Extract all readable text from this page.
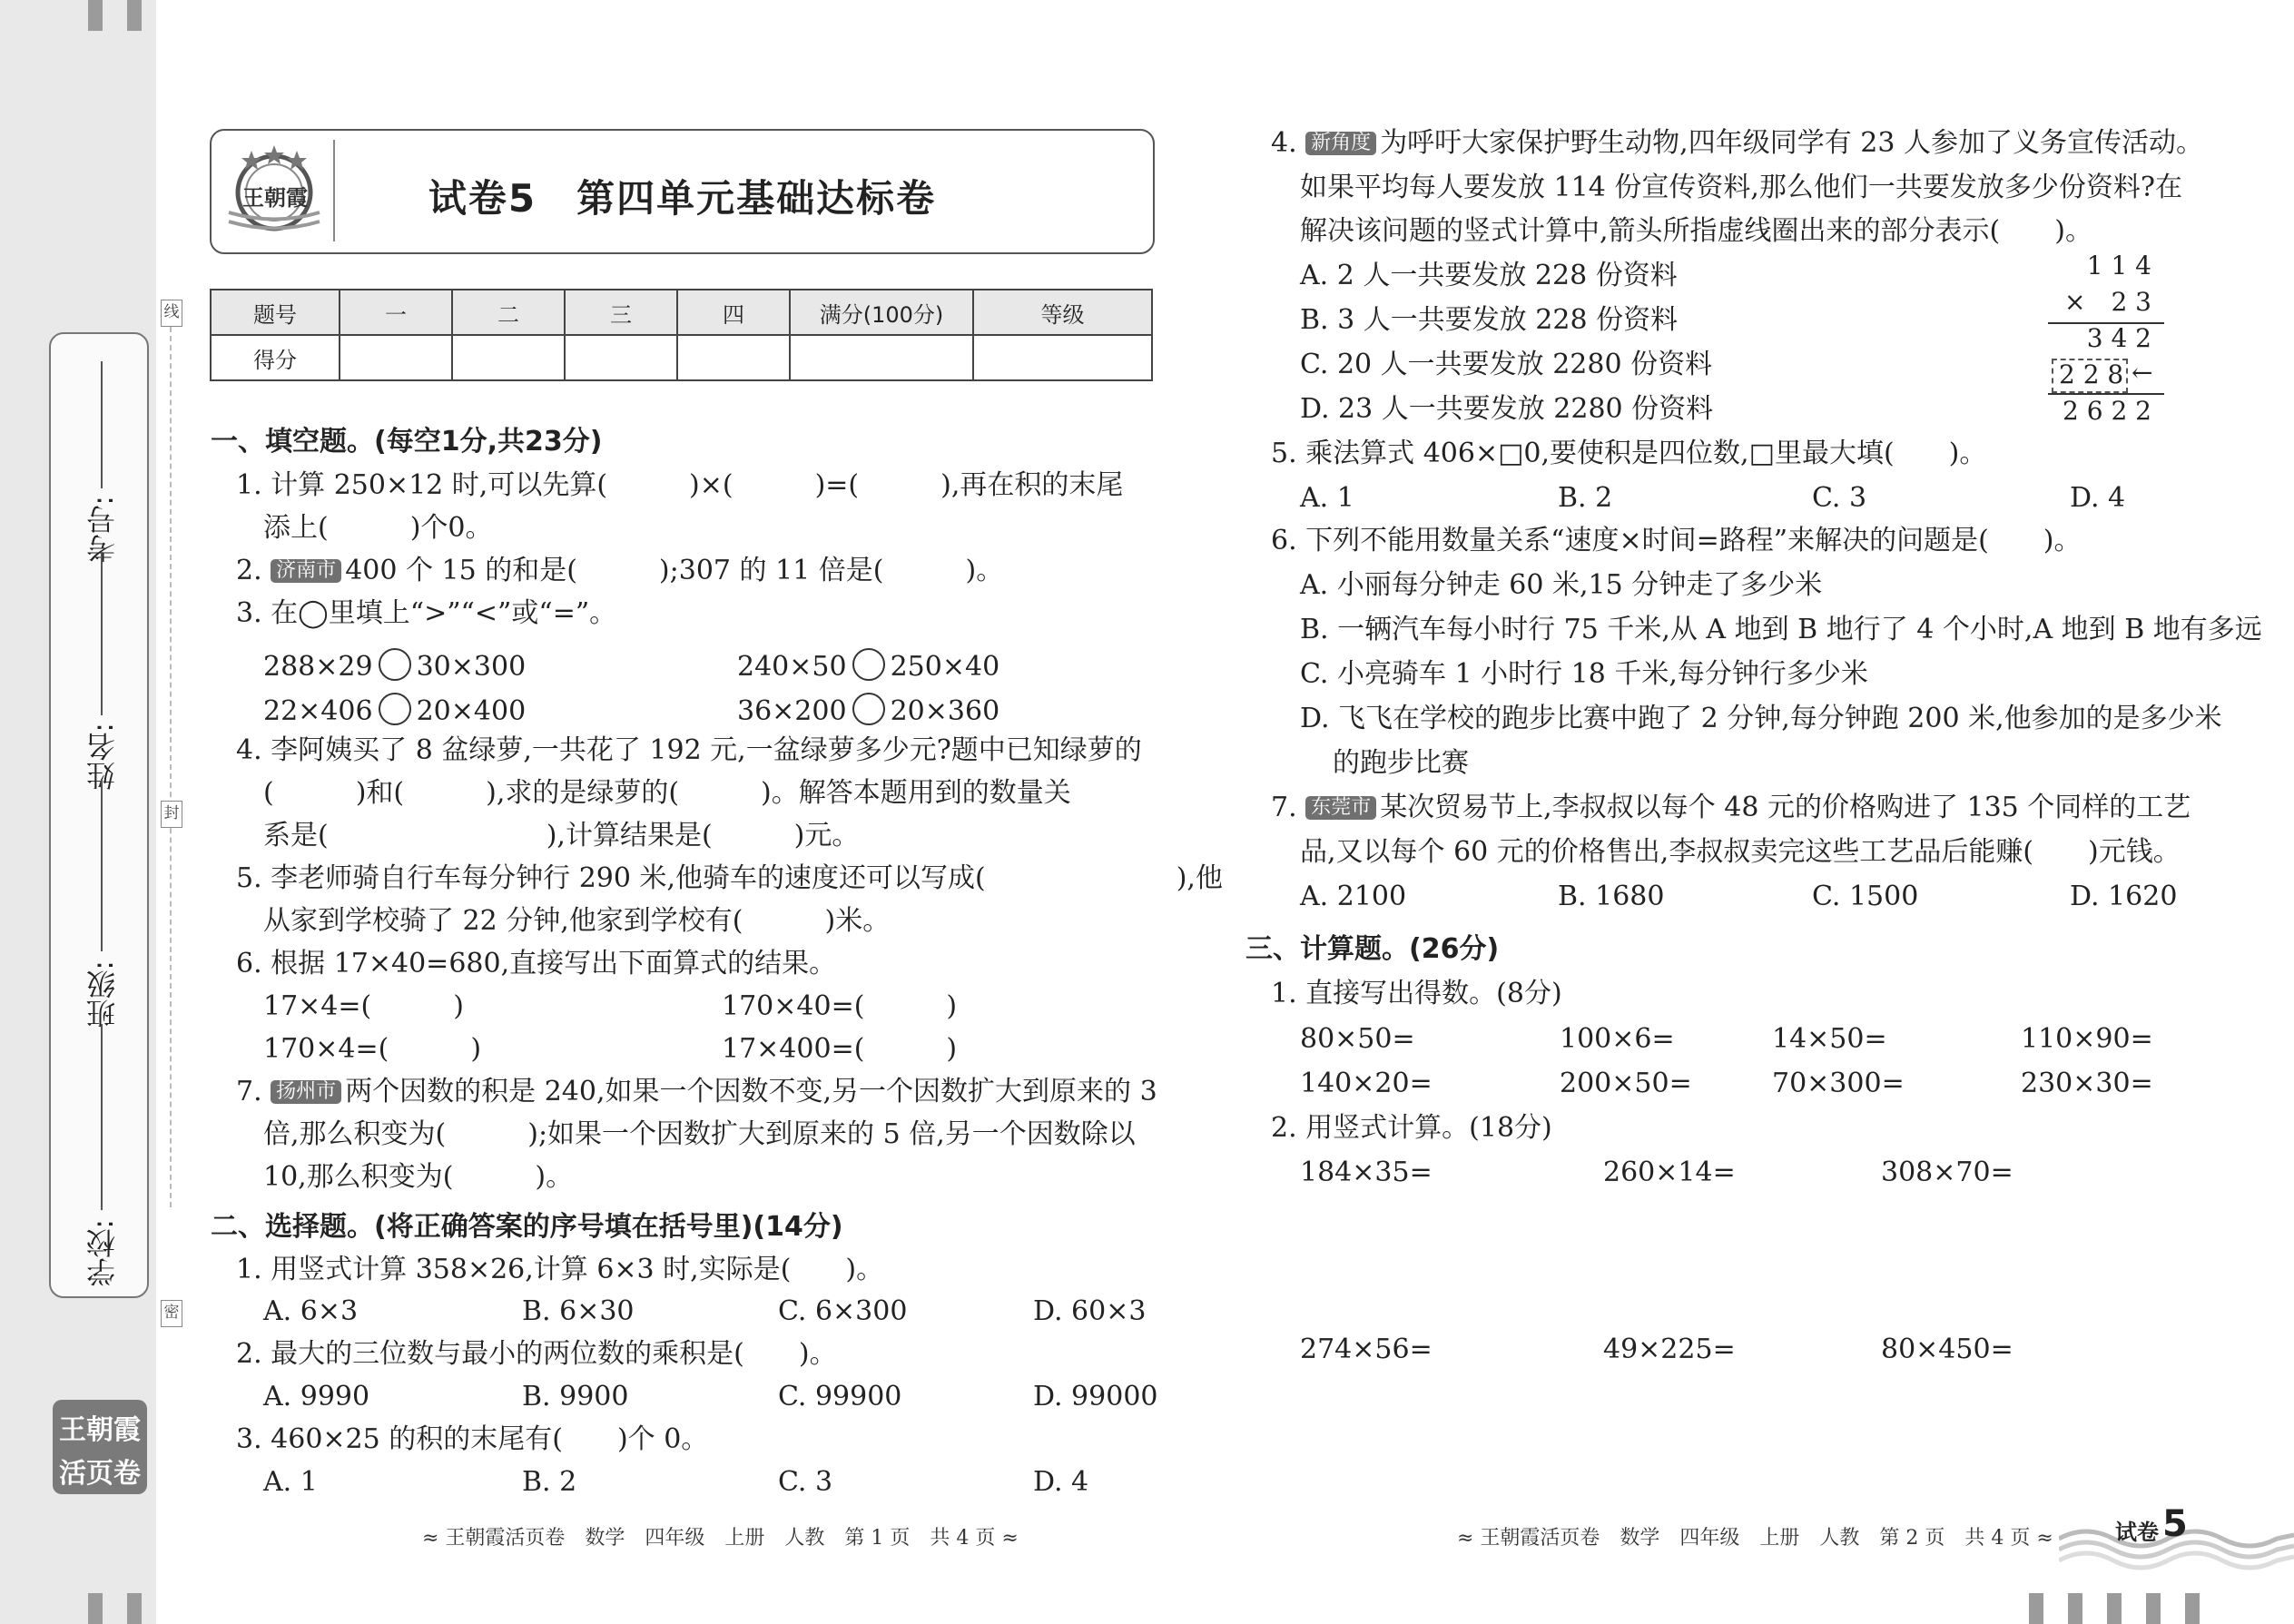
考号:
姓名:
班级:
学校:
线
封
密
王朝霞
活页卷
王朝霞	试卷5　第四单元基础达标卷
题号	一	二	三	四	满分(100分)	等级
得分						
一、填空题。(每空1分,共23分)
1. 计算 250×12 时,可以先算(　　　)×(　　　)=(　　　),再在积的末尾
添上(　　　)个0。
2. 济南市 400 个 15 的和是(　　　);307 的 11 倍是(　　　)。
3. 在◯里填上“>”“<”或“=”。
288×29 30×300	240×50 250×40
22×406 20×400	36×200 20×360
4. 李阿姨买了 8 盆绿萝,一共花了 192 元,一盆绿萝多少元?题中已知绿萝的
(　　　)和(　　　),求的是绿萝的(　　　)。解答本题用到的数量关
系是(　　　　　　　　),计算结果是(　　　)元。
5. 李老师骑自行车每分钟行 290 米,他骑车的速度还可以写成(　　　　　　　),他
从家到学校骑了 22 分钟,他家到学校有(　　　)米。
6. 根据 17×40=680,直接写出下面算式的结果。
17×4=(　　　)	170×40=(　　　)
170×4=(　　　)	17×400=(　　　)
7. 扬州市 两个因数的积是 240,如果一个因数不变,另一个因数扩大到原来的 3
倍,那么积变为(　　　);如果一个因数扩大到原来的 5 倍,另一个因数除以
10,那么积变为(　　　)。
二、选择题。(将正确答案的序号填在括号里)(14分)
1. 用竖式计算 358×26,计算 6×3 时,实际是(　　)。
A. 6×3	B. 6×30	C. 6×300	D. 60×3
2. 最大的三位数与最小的两位数的乘积是(　　)。
A. 9990	B. 9900	C. 99900	D. 99000
3. 460×25 的积的末尾有(　　)个 0。
A. 1	B. 2	C. 3	D. 4
≈ 王朝霞活页卷　数学　四年级　上册　人教　第 1 页　共 4 页 ≈
4. 新角度 为呼吁大家保护野生动物,四年级同学有 23 人参加了义务宣传活动。
如果平均每人要发放 114 份宣传资料,那么他们一共要发放多少份资料?在
解决该问题的竖式计算中,箭头所指虚线圈出来的部分表示(　　)。
A. 2 人一共要发放 228 份资料
B. 3 人一共要发放 228 份资料
C. 20 人一共要发放 2280 份资料
D. 23 人一共要发放 2280 份资料
1 1 4
×　2 3
3 4 2
2 2 8 ←
2 6 2 2
5. 乘法算式 406×□0,要使积是四位数,□里最大填(　　)。
A. 1	B. 2	C. 3	D. 4
6. 下列不能用数量关系“速度×时间=路程”来解决的问题是(　　)。
A. 小丽每分钟走 60 米,15 分钟走了多少米
B. 一辆汽车每小时行 75 千米,从 A 地到 B 地行了 4 个小时,A 地到 B 地有多远
C. 小亮骑车 1 小时行 18 千米,每分钟行多少米
D. 飞飞在学校的跑步比赛中跑了 2 分钟,每分钟跑 200 米,他参加的是多少米
的跑步比赛
7. 东莞市 某次贸易节上,李叔叔以每个 48 元的价格购进了 135 个同样的工艺
品,又以每个 60 元的价格售出,李叔叔卖完这些工艺品后能赚(　　)元钱。
A. 2100	B. 1680	C. 1500	D. 1620
三、计算题。(26分)
1. 直接写出得数。(8分)
80×50=	100×6=	14×50=	110×90=
140×20=	200×50=	70×300=	230×30=
2. 用竖式计算。(18分)
184×35=	260×14=	308×70=
274×56=	49×225=	80×450=
≈ 王朝霞活页卷　数学　四年级　上册　人教　第 2 页　共 4 页 ≈	试卷 5
